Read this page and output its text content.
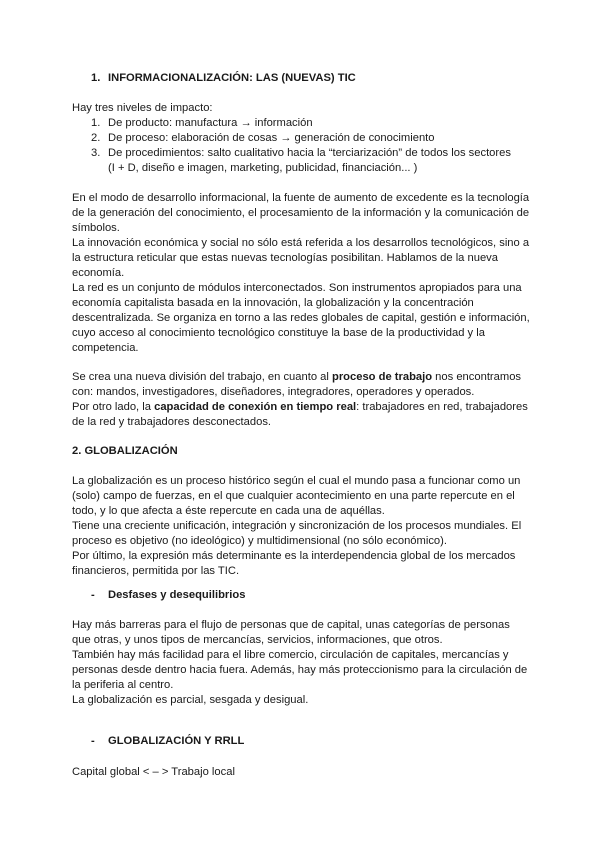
1. INFORMACIONALIZACIÓN: LAS (NUEVAS) TIC
Hay tres niveles de impacto:
1. De producto: manufactura → información
2. De proceso: elaboración de cosas → generación de conocimiento
3. De procedimientos: salto cualitativo hacia la “terciarización” de todos los sectores
(I + D, diseño e imagen, marketing, publicidad, financiación... )
En el modo de desarrollo informacional, la fuente de aumento de excedente es la tecnología
de la generación del conocimiento, el procesamiento de la información y la comunicación de
símbolos.
La innovación económica y social no sólo está referida a los desarrollos tecnológicos, sino a
la estructura reticular que estas nuevas tecnologías posibilitan. Hablamos de la nueva
economía.
La red es un conjunto de módulos interconectados. Son instrumentos apropiados para una
economía capitalista basada en la innovación, la globalización y la concentración
descentralizada. Se organiza en torno a las redes globales de capital, gestión e información,
cuyo acceso al conocimiento tecnológico constituye la base de la productividad y la
competencia.
Se crea una nueva división del trabajo, en cuanto al proceso de trabajo nos encontramos
con: mandos, investigadores, diseñadores, integradores, operadores y operados.
Por otro lado, la capacidad de conexión en tiempo real: trabajadores en red, trabajadores
de la red y trabajadores desconectados.
2. GLOBALIZACIÓN
La globalización es un proceso histórico según el cual el mundo pasa a funcionar como un
(solo) campo de fuerzas, en el que cualquier acontecimiento en una parte repercute en el
todo, y lo que afecta a éste repercute en cada una de aquéllas.
Tiene una creciente unificación, integración y sincronización de los procesos mundiales. El
proceso es objetivo (no ideológico) y multidimensional (no sólo económico).
Por último, la expresión más determinante es la interdependencia global de los mercados
financieros, permitida por las TIC.
- Desfases y desequilibrios
Hay más barreras para el flujo de personas que de capital, unas categorías de personas
que otras, y unos tipos de mercancías, servicios, informaciones, que otros.
También hay más facilidad para el libre comercio, circulación de capitales, mercancías y
personas desde dentro hacia fuera. Además, hay más proteccionismo para la circulación de
la periferia al centro.
La globalización es parcial, sesgada y desigual.
- GLOBALIZACIÓN Y RRLL
Capital global < – > Trabajo local
